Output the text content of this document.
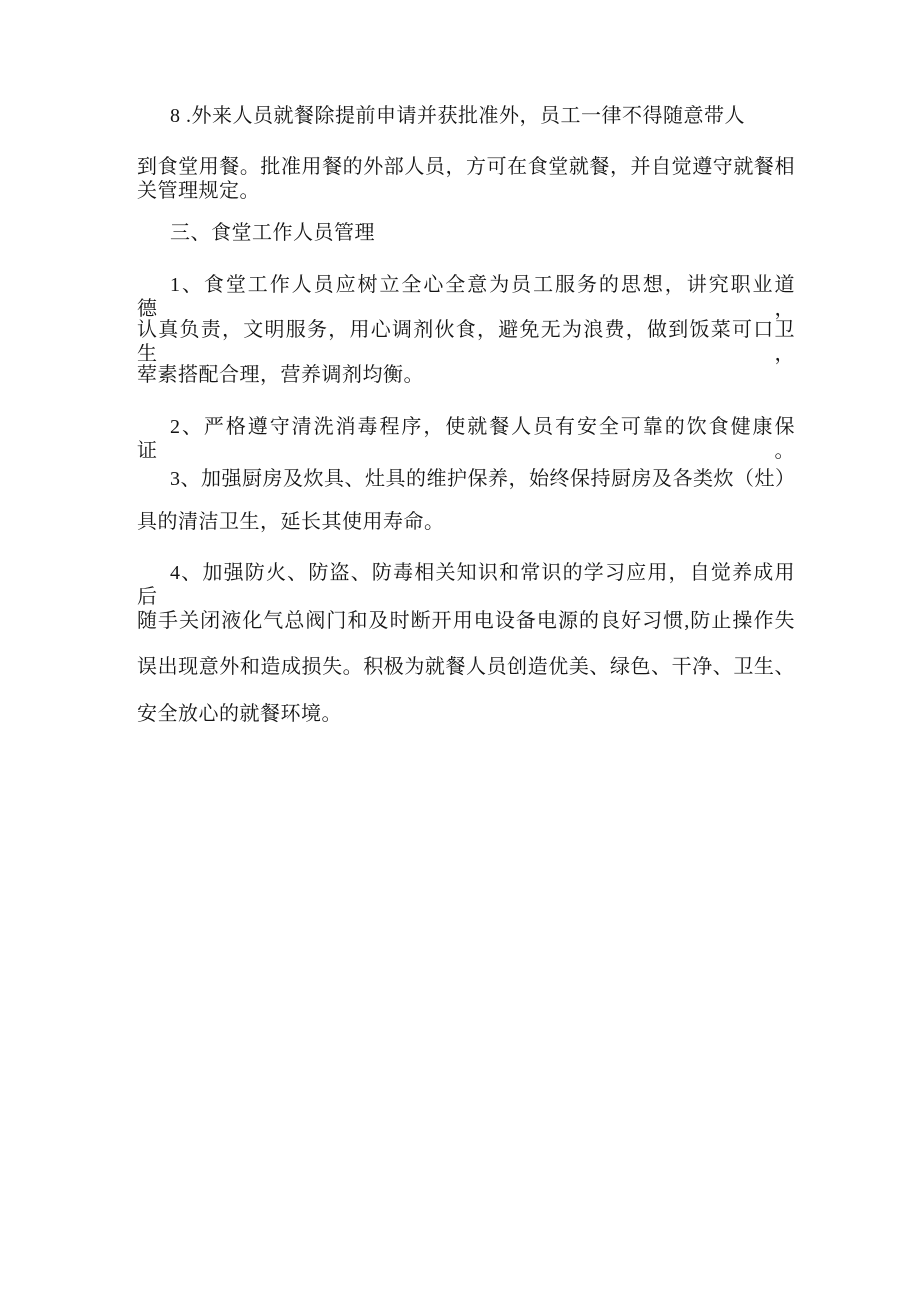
8 .外来人员就餐除提前申请并获批准外，员工一律不得随意带人
到食堂用餐。批准用餐的外部人员，方可在食堂就餐，并自觉遵守就餐相
关管理规定。
三、食堂工作人员管理
1、食堂工作人员应树立全心全意为员工服务的思想，讲究职业道德，
认真负责，文明服务，用心调剂伙食，避免无为浪费，做到饭菜可口卫生，
荤素搭配合理，营养调剂均衡。
2、严格遵守清洗消毒程序，使就餐人员有安全可靠的饮食健康保证。
3、加强厨房及炊具、灶具的维护保养，始终保持厨房及各类炊（灶）
具的清洁卫生，延长其使用寿命。
4、加强防火、防盗、防毒相关知识和常识的学习应用，自觉养成用后
随手关闭液化气总阀门和及时断开用电设备电源的良好习惯,防止操作失
误出现意外和造成损失。积极为就餐人员创造优美、绿色、干净、卫生、
安全放心的就餐环境。
